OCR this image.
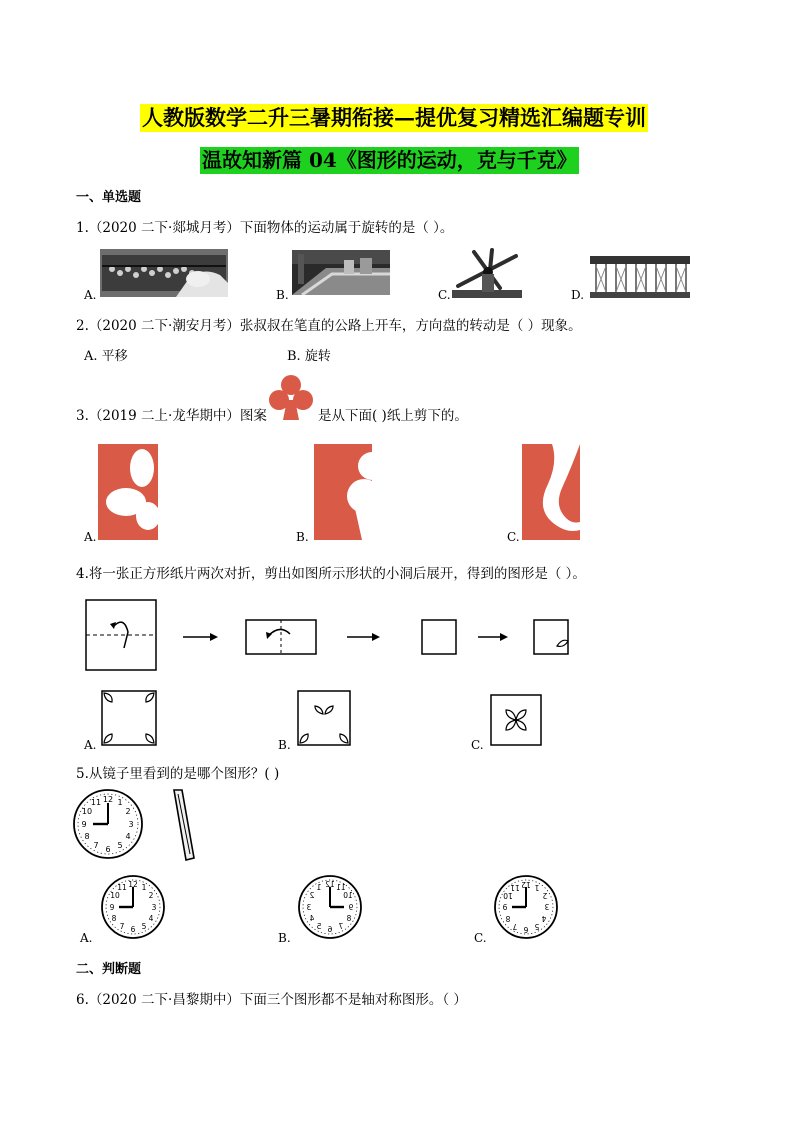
人教版数学二升三暑期衔接—提优复习精选汇编题专训
温故知新篇 04《图形的运动，克与千克》
一、单选题
1.（2020 二下·郯城月考）下面物体的运动属于旋转的是（ ）。
A.	B.	C.	D.
2.（2020 二下·潮安月考）张叔叔在笔直的公路上开车，方向盘的转动是（ ）现象。
A. 平移	B. 旋转
3.（2019 二上·龙华期中）图案	是从下面( )纸上剪下的。
A.	B.	C.
4.将一张正方形纸片两次对折，剪出如图所示形状的小洞后展开，得到的图形是（ ）。
A.	B.	C.
5.从镜子里看到的是哪个图形？( )
12 1
2
3
4
5
6
7
8
9
10
11
12 1
2
3
4
5
6
7
8
9
10
11	12
1
2
3
4
5 6 7
8
9
10
11
6
7
8
9
10
11 12 1
2
3
4
5
A.	B.	C.
二、判断题
6.（2020 二下·昌黎期中）下面三个图形都不是轴对称图形。（ ）
